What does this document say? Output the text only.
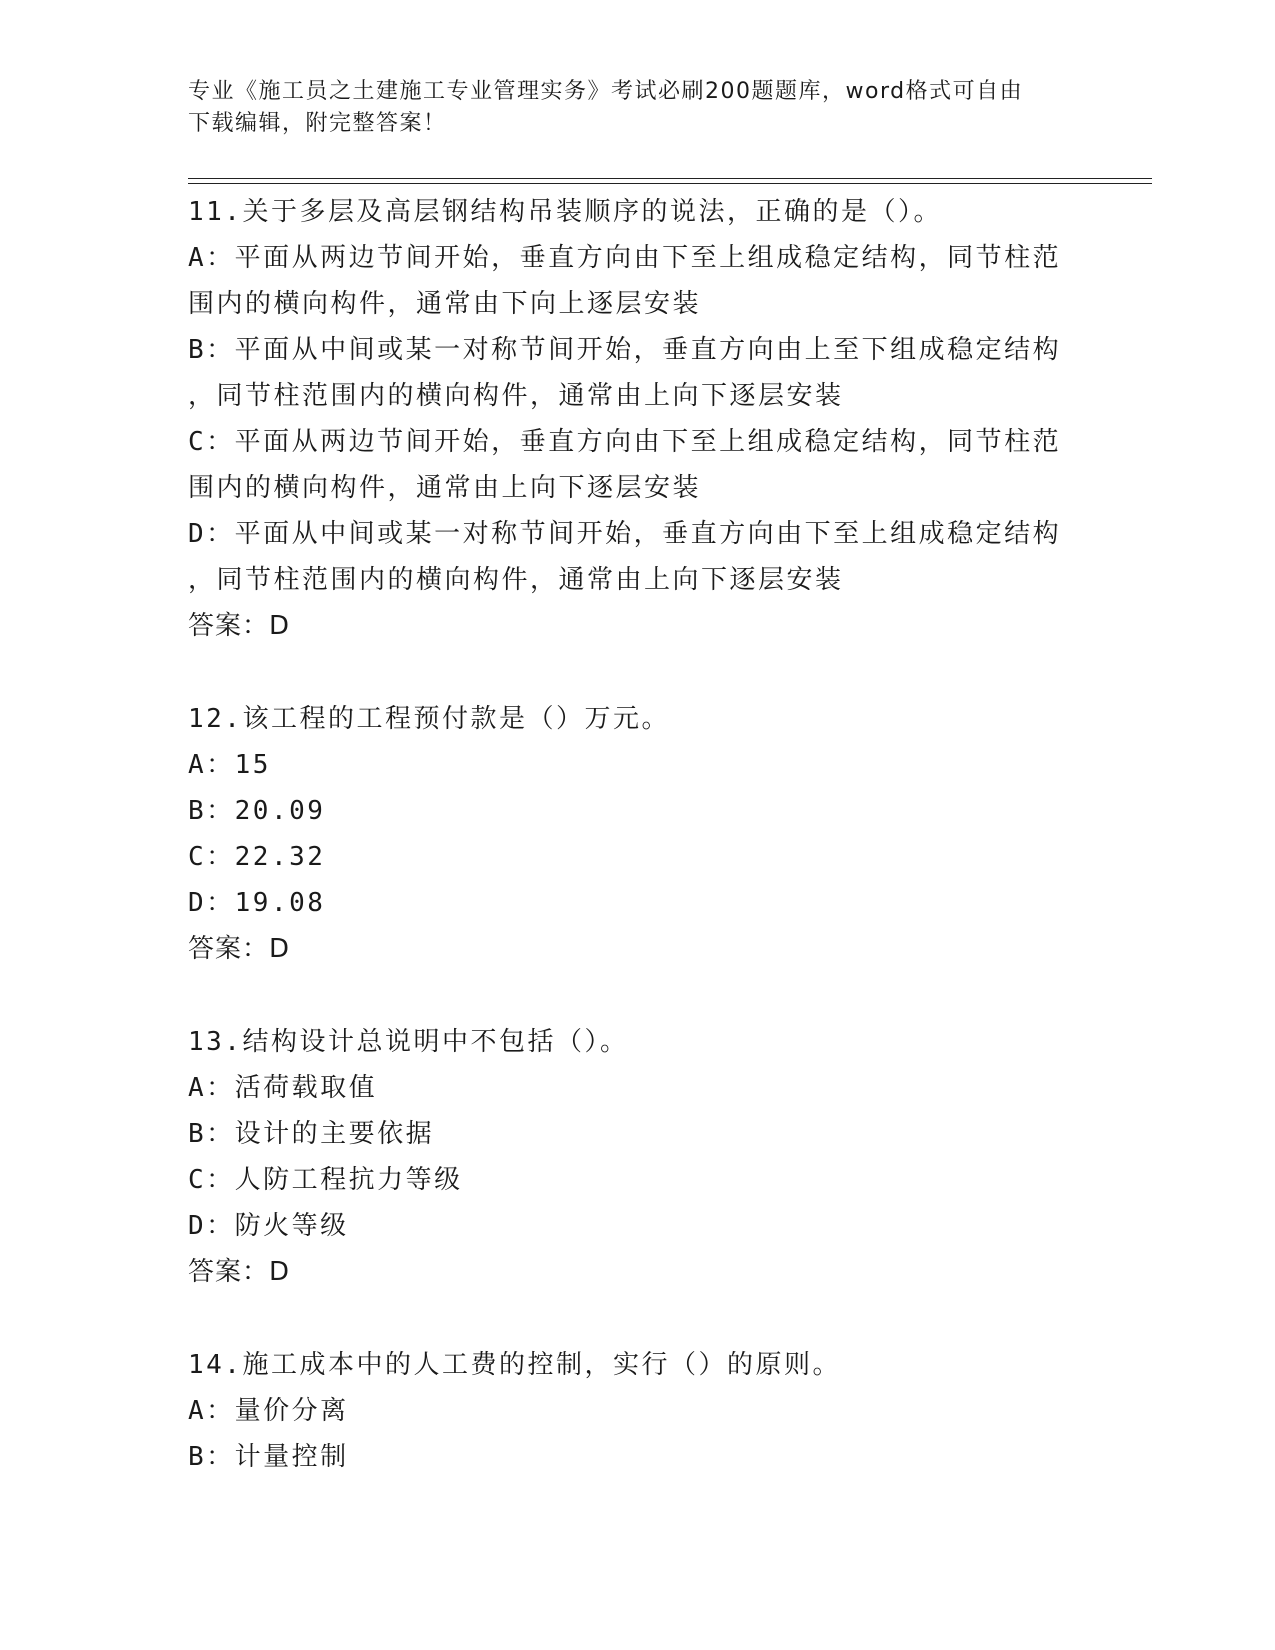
专业《施工员之土建施工专业管理实务》考试必刷200题题库，word格式可自由
下载编辑，附完整答案！
11.关于多层及高层钢结构吊装顺序的说法，正确的是（）。
A：平面从两边节间开始，垂直方向由下至上组成稳定结构，同节柱范
围内的横向构件，通常由下向上逐层安装
B：平面从中间或某一对称节间开始，垂直方向由上至下组成稳定结构
，同节柱范围内的横向构件，通常由上向下逐层安装
C：平面从两边节间开始，垂直方向由下至上组成稳定结构，同节柱范
围内的横向构件，通常由上向下逐层安装
D：平面从中间或某一对称节间开始，垂直方向由下至上组成稳定结构
，同节柱范围内的横向构件，通常由上向下逐层安装
答案：D
12.该工程的工程预付款是（）万元。
A：15
B：20.09
C：22.32
D：19.08
答案：D
13.结构设计总说明中不包括（）。
A：活荷载取值
B：设计的主要依据
C：人防工程抗力等级
D：防火等级
答案：D
14.施工成本中的人工费的控制，实行（）的原则。
A：量价分离
B：计量控制
